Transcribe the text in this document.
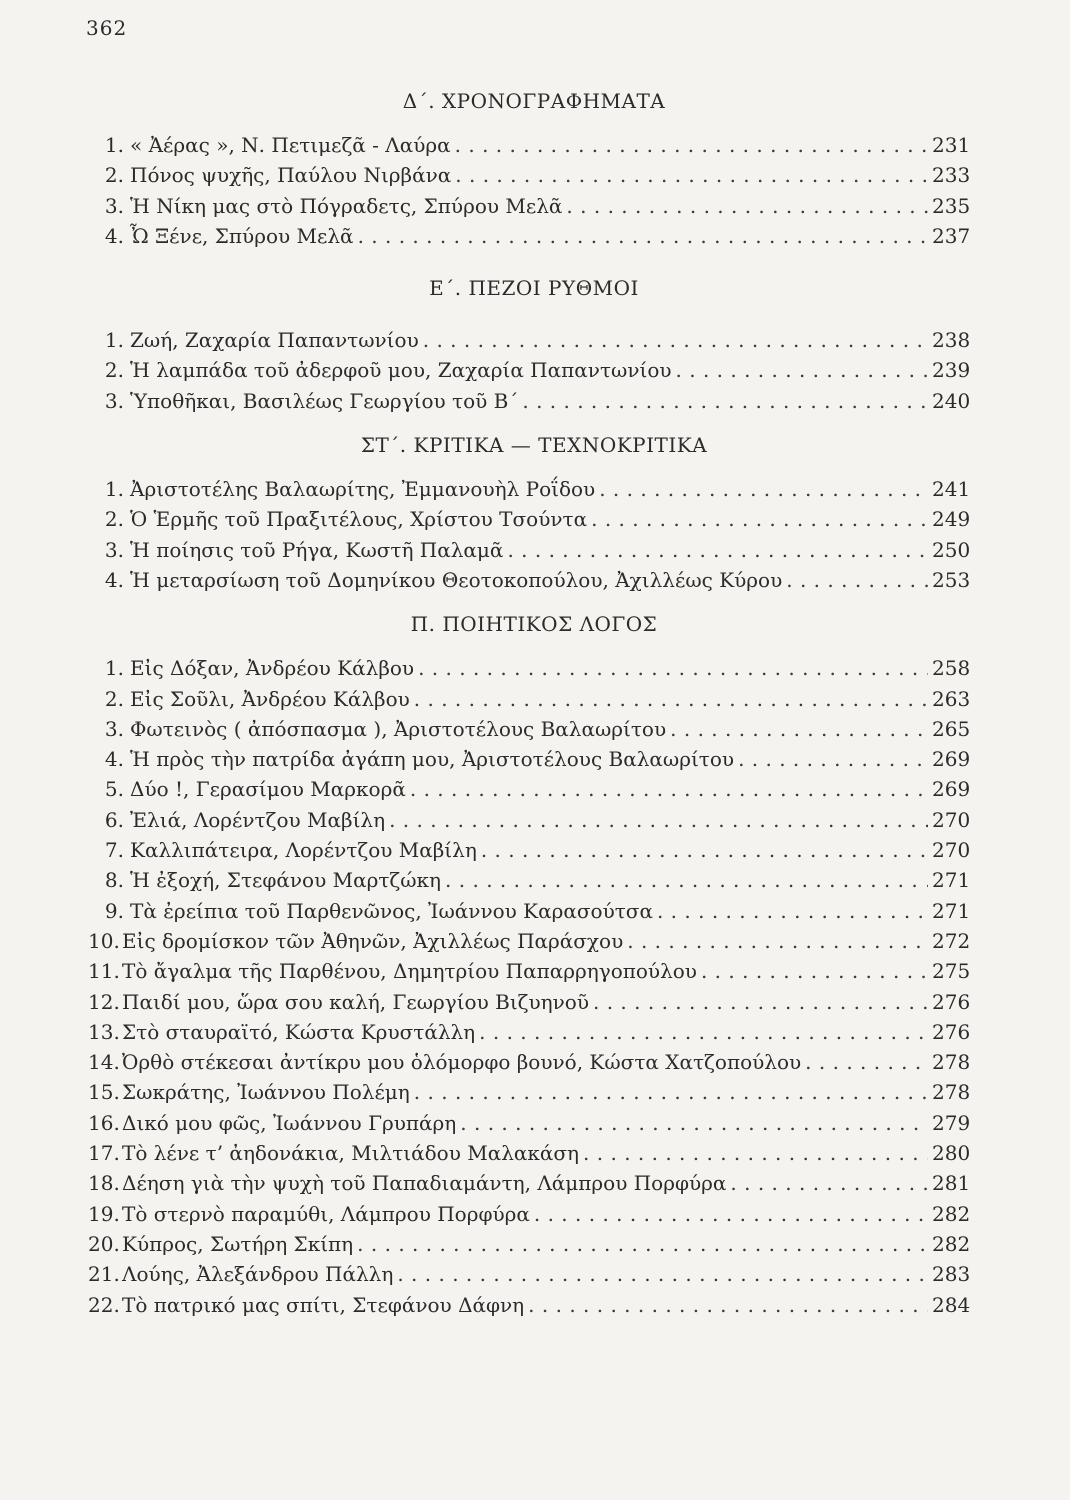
362
Δ΄. ΧΡΟΝΟΓΡΑΦΗΜΑΤΑ
1. « Ἀέρας », Ν. Πετιμεζᾶ - Λαύρα . . .	231
2. Πόνος ψυχῆς, Παύλου Νιρβάνα . . .	233
3. Ἡ Νίκη μας στὸ Πόγραδετς, Σπύρου Μελᾶ . . .	235
4. Ὦ Ξένε, Σπύρου Μελᾶ . . .	237
Ε΄. ΠΕΖΟΙ ΡΥΘΜΟΙ
1. Ζωή, Ζαχαρία Παπαντωνίου . . .	238
2. Ἡ λαμπάδα τοῦ ἀδερφοῦ μου, Ζαχαρία Παπαντωνίου . . .	239
3. Ὑποθῆκαι, Βασιλέως Γεωργίου τοῦ Β΄ . . .	240
ΣΤ΄. ΚΡΙΤΙΚΑ — ΤΕΧΝΟΚΡΙΤΙΚΑ
1. Ἀριστοτέλης Βαλαωρίτης, Ἐμμανουὴλ Ροΐδου . . .	241
2. Ὁ Ἑρμῆς τοῦ Πραξιτέλους, Χρίστου Τσούντα . . .	249
3. Ἡ ποίησις τοῦ Ρήγα, Κωστῆ Παλαμᾶ . . .	250
4. Ἡ μεταρσίωση τοῦ Δομηνίκου Θεοτοκοπούλου, Ἀχιλλέως Κύρου . . .	253
Π. ΠΟΙΗΤΙΚΟΣ ΛΟΓΟΣ
1. Εἰς Δόξαν, Ἀνδρέου Κάλβου . . .	258
2. Εἰς Σοῦλι, Ἀνδρέου Κάλβου . . .	263
3. Φωτεινὸς ( ἀπόσπασμα ), Ἀριστοτέλους Βαλαωρίτου . . .	265
4. Ἡ πρὸς τὴν πατρίδα ἀγάπη μου, Ἀριστοτέλους Βαλαωρίτου . . .	269
5. Δύο !, Γερασίμου Μαρκορᾶ . . .	269
6. Ἐλιά, Λορέντζου Μαβίλη . . .	270
7. Καλλιπάτειρα, Λορέντζου Μαβίλη . . .	270
8. Ἡ ἐξοχή, Στεφάνου Μαρτζώκη . . .	271
9. Τὰ ἐρείπια τοῦ Παρθενῶνος, Ἰωάννου Καρασούτσα . . .	271
10. Εἰς δρομίσκον τῶν Ἀθηνῶν, Ἀχιλλέως Παράσχου . . .	272
11. Τὸ ἄγαλμα τῆς Παρθένου, Δημητρίου Παπαρρηγοπούλου . . .	275
12. Παιδί μου, ὥρα σου καλή, Γεωργίου Βιζυηνοῦ . . .	276
13. Στὸ σταυραϊτό, Κώστα Κρυστάλλη . . .	276
14. Ὀρθὸ στέκεσαι ἀντίκρυ μου ὁλόμορφο βουνό, Κώστα Χατζοπούλου . . .	278
15. Σωκράτης, Ἰωάννου Πολέμη . . .	278
16. Δικό μου φῶς, Ἰωάννου Γρυπάρη . . .	279
17. Τὸ λένε τ’ ἀηδονάκια, Μιλτιάδου Μαλακάση . . .	280
18. Δέηση γιὰ τὴν ψυχὴ τοῦ Παπαδιαμάντη, Λάμπρου Πορφύρα . . .	281
19. Τὸ στερνὸ παραμύθι, Λάμπρου Πορφύρα . . .	282
20. Κύπρος, Σωτήρη Σκίπη . . .	282
21. Λούης, Ἀλεξάνδρου Πάλλη . . .	283
22. Τὸ πατρικό μας σπίτι, Στεφάνου Δάφνη . . .	284
